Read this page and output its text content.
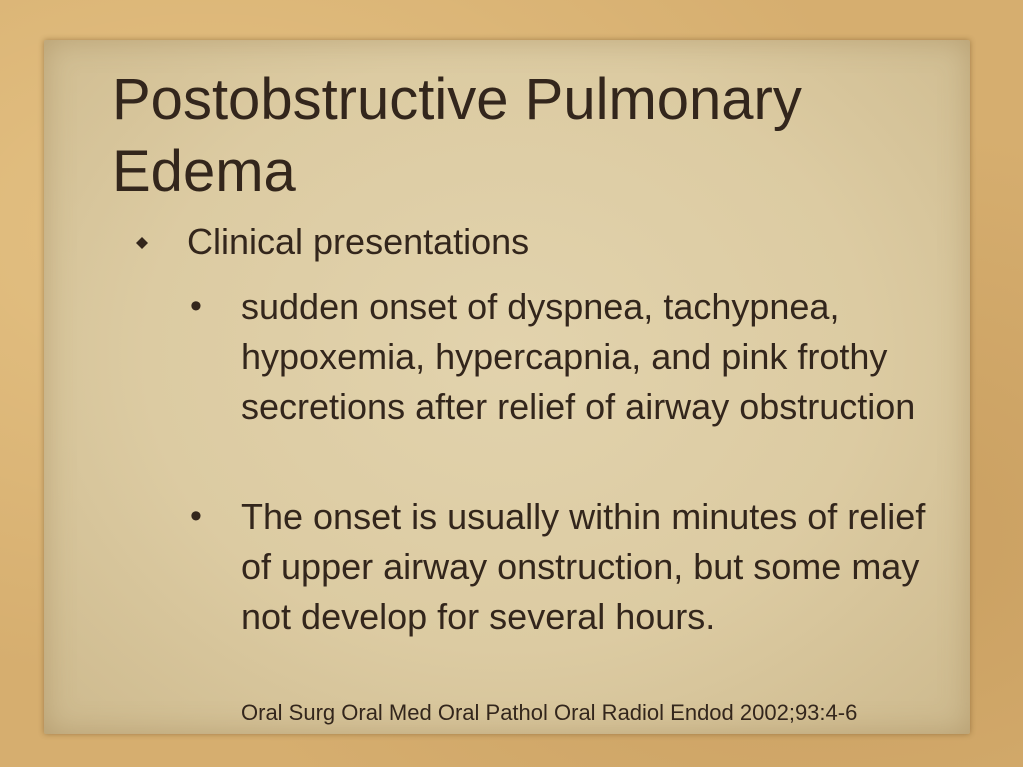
Postobstructive Pulmonary Edema
Clinical presentations
• sudden onset of dyspnea, tachypnea, hypoxemia, hypercapnia, and pink frothy secretions after relief of airway obstruction
• The onset is usually within minutes of relief of upper airway onstruction, but some may not develop for several hours.
Oral Surg Oral Med Oral Pathol Oral Radiol Endod 2002;93:4-6
